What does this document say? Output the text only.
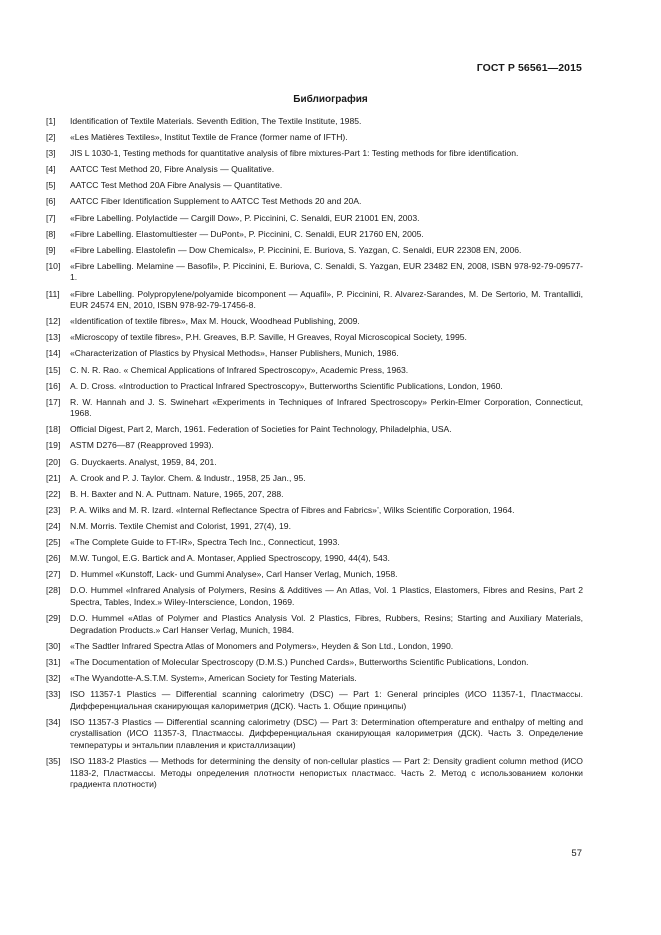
ГОСТ Р 56561—2015
Библиография
[1]	Identification of Textile Materials. Seventh Edition, The Textile Institute, 1985.
[2]	«Les Matières Textiles», Institut Textile de France (former name of IFTH).
[3]	JIS L 1030-1, Testing methods for quantitative analysis of fibre mixtures-Part 1: Testing methods for fibre identification.
[4]	AATCC Test Method 20, Fibre Analysis — Qualitative.
[5]	AATCC Test Method 20A Fibre Analysis — Quantitative.
[6]	AATCC Fiber Identification Supplement to AATCC Test Methods 20 and 20A.
[7]	«Fibre Labelling. Polylactide — Cargill Dow», P. Piccinini, C. Senaldi, EUR 21001 EN, 2003.
[8]	«Fibre Labelling. Elastomultiester — DuPont», P. Piccinini, C. Senaldi, EUR 21760 EN, 2005.
[9]	«Fibre Labelling. Elastolefin — Dow Chemicals», P. Piccinini, E. Buriova, S. Yazgan, C. Senaldi, EUR 22308 EN, 2006.
[10]	«Fibre Labelling. Melamine — Basofil», P. Piccinini, E. Buriova, C. Senaldi, S. Yazgan, EUR 23482 EN, 2008, ISBN 978-92-79-09577-1.
[11]	«Fibre Labelling. Polypropylene/polyamide bicomponent — Aquafil», P. Piccinini, R. Alvarez-Sarandes, M. De Sertorio, M. Trantallidi, EUR 24574 EN, 2010, ISBN 978-92-79-17456-8.
[12]	«Identification of textile fibres», Max M. Houck, Woodhead Publishing, 2009.
[13]	«Microscopy of textile fibres», P.H. Greaves, B.P. Saville, H Greaves, Royal Microscopical Society, 1995.
[14]	«Characterization of Plastics by Physical Methods», Hanser Publishers, Munich, 1986.
[15]	C. N. R. Rao. « Chemical Applications of Infrared Spectroscopy», Academic Press, 1963.
[16]	A. D. Cross. «Introduction to Practical Infrared Spectroscopy», Butterworths Scientific Publications, London, 1960.
[17]	R. W. Hannah and J. S. Swinehart «Experiments in Techniques of Infrared Spectroscopy» Perkin-Elmer Corporation, Connecticut, 1968.
[18]	Official Digest, Part 2, March, 1961. Federation of Societies for Paint Technology, Philadelphia, USA.
[19]	ASTM D276—87 (Reapproved 1993).
[20]	G. Duyckaerts. Analyst, 1959, 84, 201.
[21]	A. Crook and P. J. Taylor. Chem. & Industr., 1958, 25 Jan., 95.
[22]	B. H. Baxter and N. A. Puttnam. Nature, 1965, 207, 288.
[23]	P. A. Wilks and M. R. Izard. «Internal Reflectance Spectra of Fibres and Fabrics»’, Wilks Scientific Corporation, 1964.
[24]	N.M. Morris. Textile Chemist and Colorist, 1991, 27(4), 19.
[25]	«The Complete Guide to FT-IR», Spectra Tech Inc., Connecticut, 1993.
[26]	M.W. Tungol, E.G. Bartick and A. Montaser, Applied Spectroscopy, 1990, 44(4), 543.
[27]	D. Hummel «Kunstoff, Lack- und Gummi Analyse», Carl Hanser Verlag, Munich, 1958.
[28]	D.O. Hummel «Infrared Analysis of Polymers, Resins & Additives — An Atlas, Vol. 1 Plastics, Elastomers, Fibres and Resins, Part 2 Spectra, Tables, Index.» Wiley-Interscience, London, 1969.
[29]	D.O. Hummel «Atlas of Polymer and Plastics Analysis Vol. 2 Plastics, Fibres, Rubbers, Resins; Starting and Auxiliary Materials, Degradation Products.» Carl Hanser Verlag, Munich, 1984.
[30]	«The Sadtler Infrared Spectra Atlas of Monomers and Polymers», Heyden & Son Ltd., London, 1990.
[31]	«The Documentation of Molecular Spectroscopy (D.M.S.) Punched Cards», Butterworths Scientific Publications, London.
[32]	«The Wyandotte-A.S.T.M. System», American Society for Testing Materials.
[33]	ISO 11357-1 Plastics — Differential scanning calorimetry (DSC) — Part 1: General principles (ИСО 11357-1, Пластмассы. Дифференциальная сканирующая калориметрия (ДСК). Часть 1. Общие принципы)
[34]	ISO 11357-3 Plastics — Differential scanning calorimetry (DSC) — Part 3: Determination oftemperature and enthalpy of melting and crystallisation (ИСО 11357-3, Пластмассы. Дифференциальная сканирующая калориметрия (ДСК). Часть 3. Определение температуры и энтальпии плавления и кристаллизации)
[35]	ISO 1183-2 Plastics — Methods for determining the density of non-cellular plastics — Part 2: Density gradient column method (ИСО 1183-2, Пластмассы. Методы определения плотности непористых пластмасс. Часть 2. Метод с использованием колонки градиента плотности)
57
